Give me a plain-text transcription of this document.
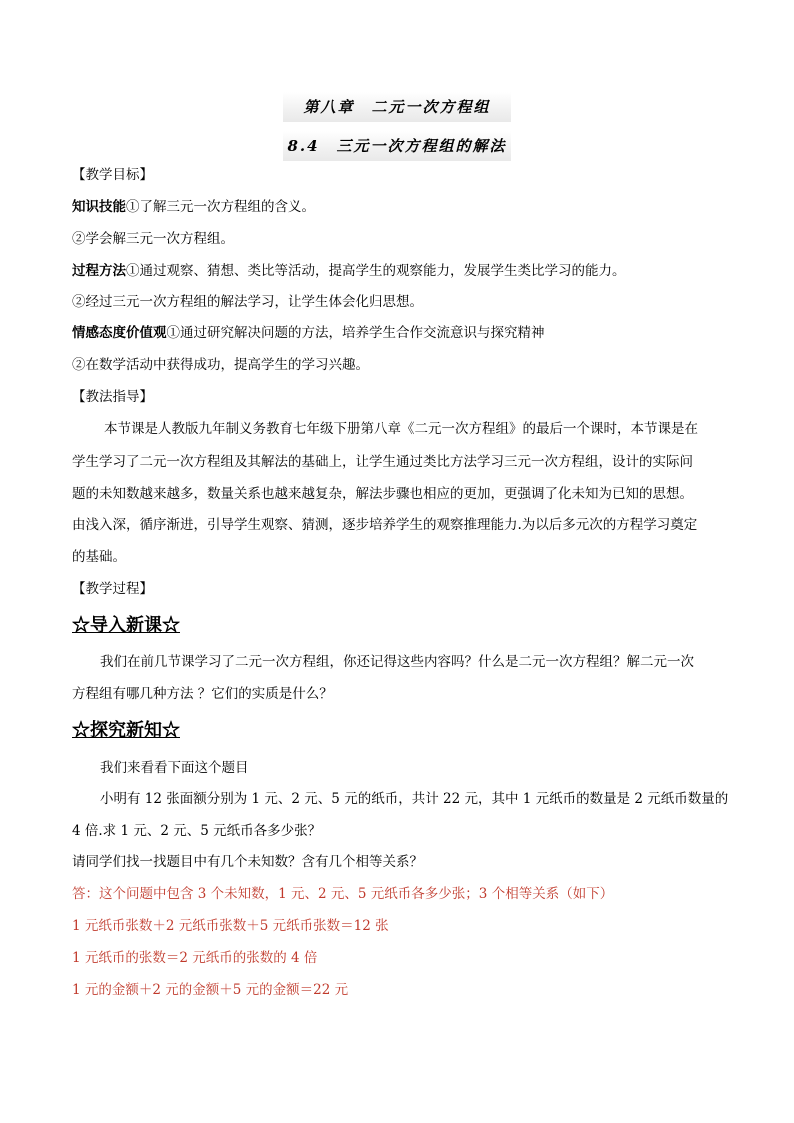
第八章　二元一次方程组
8.4　三元一次方程组的解法
【教学目标】
知识技能①了解三元一次方程组的含义。
②学会解三元一次方程组。
过程方法①通过观察、猜想、类比等活动，提高学生的观察能力，发展学生类比学习的能力。
②经过三元一次方程组的解法学习，让学生体会化归思想。
情感态度价值观①通过研究解决问题的方法，培养学生合作交流意识与探究精神
②在数学活动中获得成功，提高学生的学习兴趣。
【教法指导】
本节课是人教版九年制义务教育七年级下册第八章《二元一次方程组》的最后一个课时，本节课是在
学生学习了二元一次方程组及其解法的基础上，让学生通过类比方法学习三元一次方程组，设计的实际问
题的未知数越来越多，数量关系也越来越复杂，解法步骤也相应的更加，更强调了化未知为已知的思想。
由浅入深，循序渐进，引导学生观察、猜测，逐步培养学生的观察推理能力.为以后多元次的方程学习奠定
的基础。
【教学过程】
☆导入新课☆
我们在前几节课学习了二元一次方程组，你还记得这些内容吗？什么是二元一次方程组？解二元一次
方程组有哪几种方法 ？它们的实质是什么？
☆探究新知☆
我们来看看下面这个题目
小明有 12 张面额分别为 1 元、2 元、5 元的纸币，共计 22 元，其中 1 元纸币的数量是 2 元纸币数量的
4 倍.求 1 元、2 元、5 元纸币各多少张？
请同学们找一找题目中有几个未知数？含有几个相等关系？
答：这个问题中包含 3 个未知数，1 元、2 元、5 元纸币各多少张；3 个相等关系（如下）
1 元纸币张数＋2 元纸币张数＋5 元纸币张数＝12 张
1 元纸币的张数＝2 元纸币的张数的 4 倍
1 元的金额＋2 元的金额＋5 元的金额＝22 元
